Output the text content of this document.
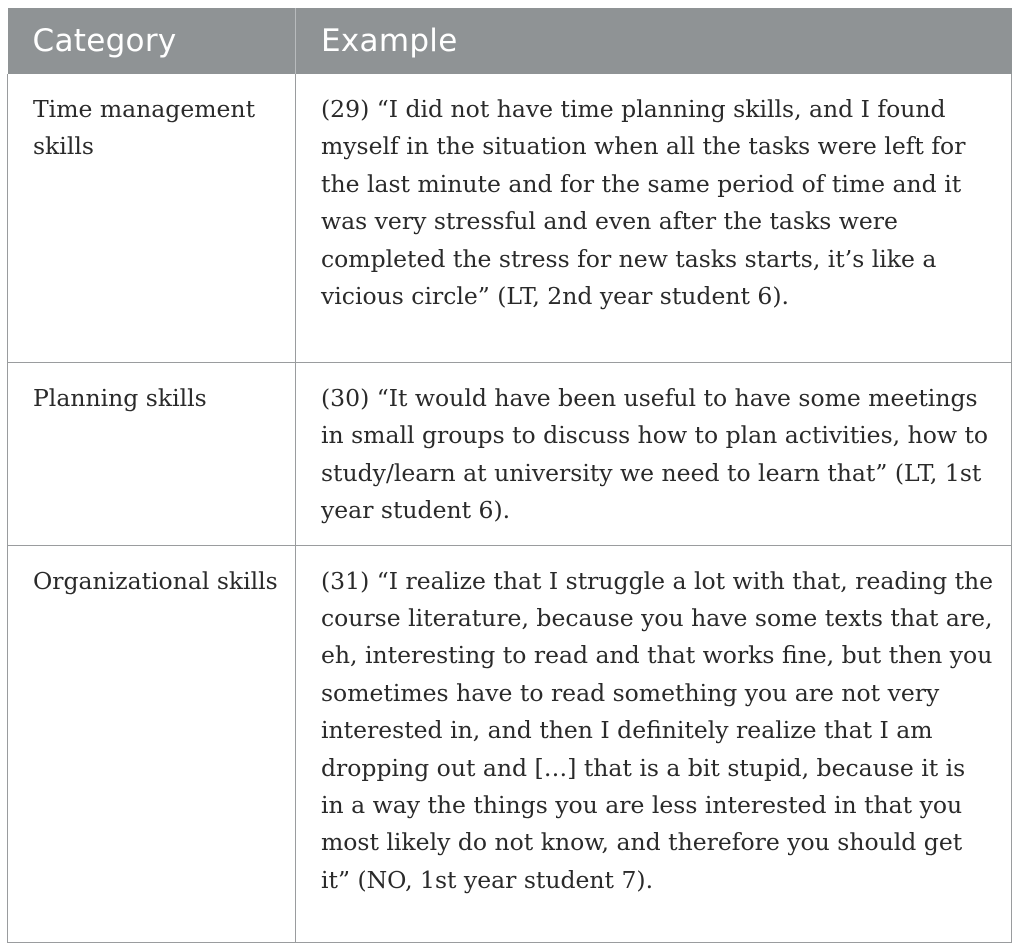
Category	Example
Time management skills	(29) “I did not have time planning skills, and I found myself in the situation when all the tasks were left for the last minute and for the same period of time and it was very stressful and even after the tasks were completed the stress for new tasks starts, it’s like a vicious circle” (LT, 2nd year student 6).
Planning skills	(30) “It would have been useful to have some meetings in small groups to discuss how to plan activities, how to study/learn at university we need to learn that” (LT, 1st year student 6).
Organizational skills	(31) “I realize that I struggle a lot with that, reading the course literature, because you have some texts that are, eh, interesting to read and that works fine, but then you sometimes have to read something you are not very interested in, and then I definitely realize that I am dropping out and […] that is a bit stupid, because it is in a way the things you are less interested in that you most likely do not know, and therefore you should get it” (NO, 1st year student 7).
